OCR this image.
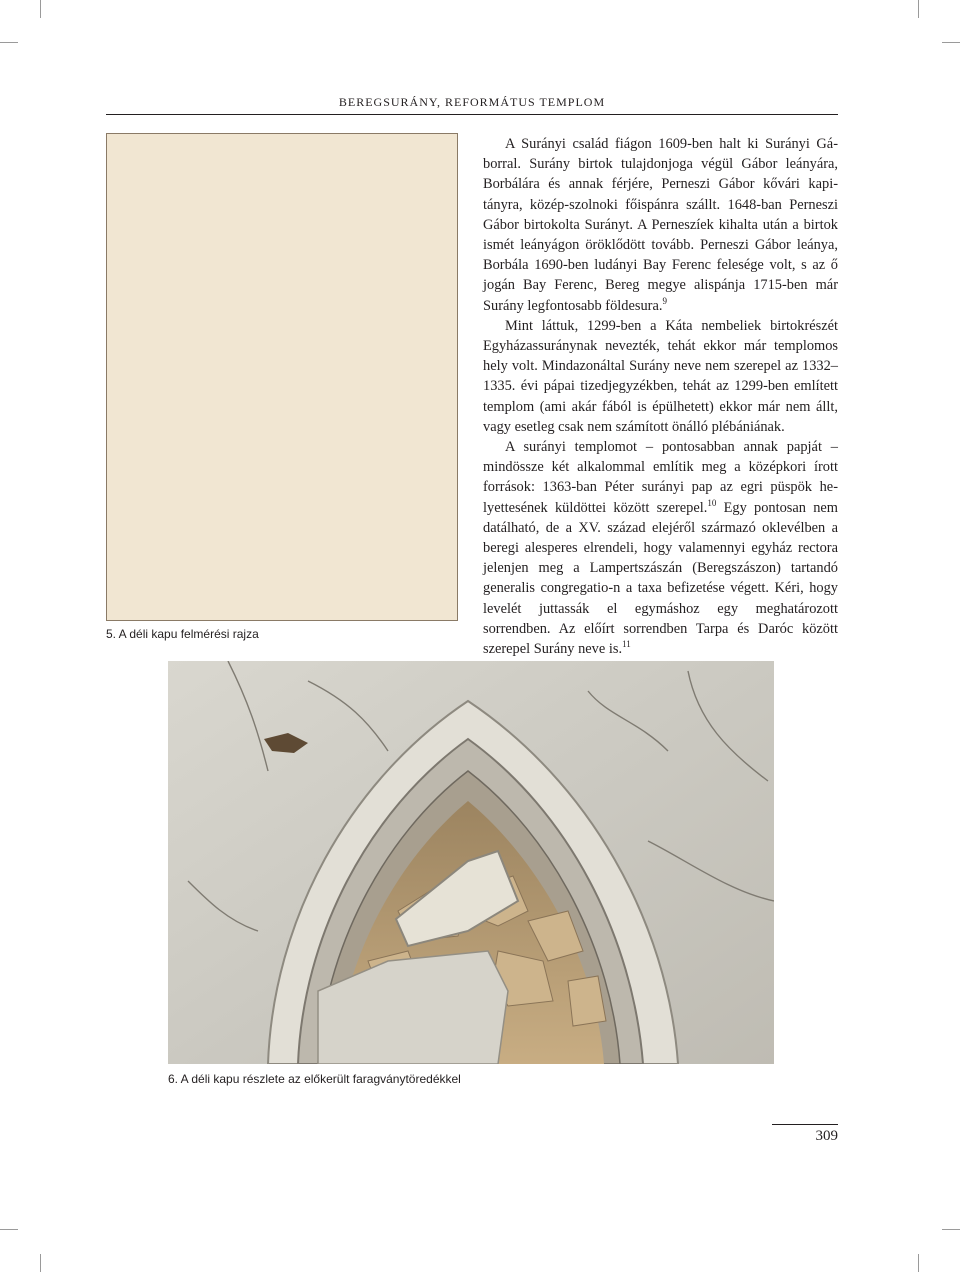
BEREGSURÁNY, REFORMÁTUS TEMPLOM
5. A déli kapu felmérési rajza

A Surányi család fiágon 1609-ben halt ki Surányi Gáborral. Surány birtok tulajdonjoga végül Gábor leányára, Borbálára és annak férjére, Perneszi Gábor kővári kapitányra, közép-szolnoki főispánra szállt. 1648-ban Perneszi Gábor birtokolta Surányt. A Perneszíek kihalta után a birtok ismét leányágon öröklődött tovább. Perneszi Gábor leánya, Borbála 1690-ben ludányi Bay Ferenc felesége volt, s az ő jogán Bay Ferenc, Bereg megye alispánja 1715-ben már Surány legfontosabb földesura.$^9$

Mint láttuk, 1299-ben a Káta nembeliek birtokrészét Egyházassuránynak nevezték, tehát ekkor már templomos hely volt. Mindazonáltal Surány neve nem szerepel az 1332–1335. évi pápai tizedjegyzékben, tehát az 1299-ben említett templom (ami akár fából is épülhetett) ekkor már nem állt, vagy esetleg csak nem számított önálló plébániának.

A surányi templomot – pontosabban annak papját – mindössze két alkalommal említik meg a középkori írott források: 1363-ban Péter surányi pap az egri püspök helyettesének küldöttei között szerepel.$^{10}$ Egy pontosan nem datálható, de a XV. század elejéről származó oklevélben a beregi alesperes elrendeli, hogy valamennyi egyház rectora jelenjen meg a Lampertszászán (Beregszászon) tartandó generalis congregatio-n a taxa befizetése végett. Kéri, hogy levelét juttassák el egymáshoz egy meghatározott sorrendben. Az előírt sorrendben Tarpa és Daróc között szerepel Surány neve is.$^{11}$

6. A déli kapu részlete az előkerült faragványtöredékkel
309
